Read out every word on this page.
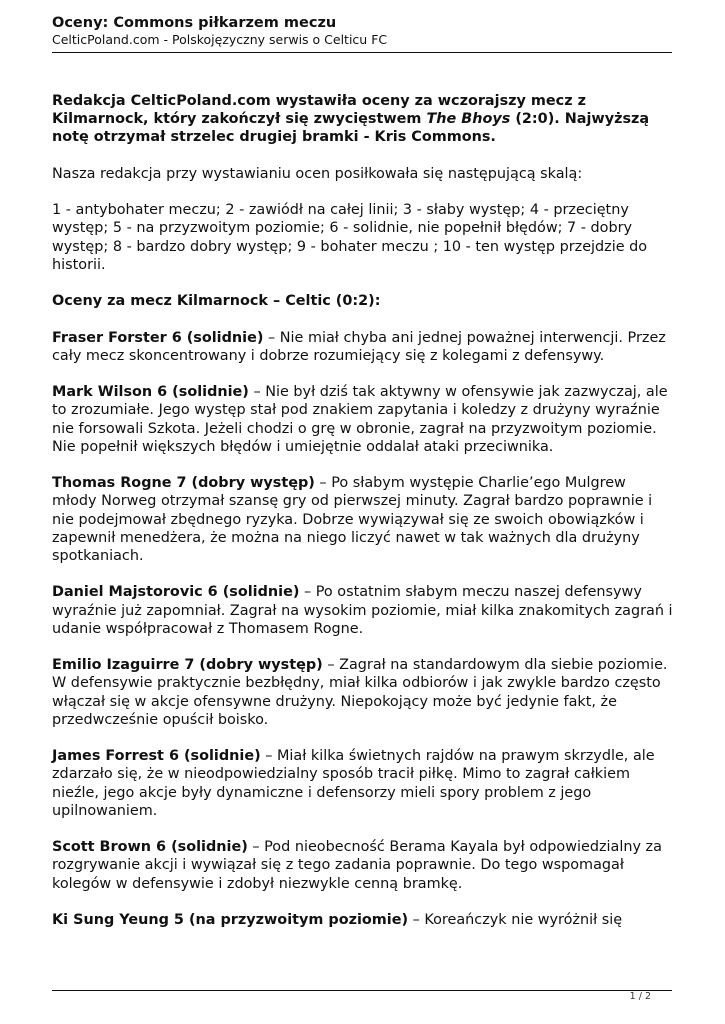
Oceny: Commons piłkarzem meczu
CelticPoland.com - Polskojęzyczny serwis o Celticu FC

Redakcja CelticPoland.com wystawiła oceny za wczorajszy mecz z Kilmarnock, który zakończył się zwycięstwem The Bhoys (2:0). Najwyższą notę otrzymał strzelec drugiej bramki - Kris Commons.

Nasza redakcja przy wystawianiu ocen posiłkowała się następującą skalą:

1 - antybohater meczu; 2 - zawiódł na całej linii; 3 - słaby występ; 4 - przeciętny występ; 5 - na przyzwoitym poziomie; 6 - solidnie, nie popełnił błędów; 7 - dobry występ; 8 - bardzo dobry występ; 9 - bohater meczu ; 10 - ten występ przejdzie do historii.

Oceny za mecz Kilmarnock – Celtic (0:2):

Fraser Forster 6 (solidnie) – Nie miał chyba ani jednej poważnej interwencji. Przez cały mecz skoncentrowany i dobrze rozumiejący się z kolegami z defensywy.

Mark Wilson 6 (solidnie) – Nie był dziś tak aktywny w ofensywie jak zazwyczaj, ale to zrozumiałe. Jego występ stał pod znakiem zapytania i koledzy z drużyny wyraźnie nie forsowali Szkota. Jeżeli chodzi o grę w obronie, zagrał na przyzwoitym poziomie. Nie popełnił większych błędów i umiejętnie oddalał ataki przeciwnika.

Thomas Rogne 7 (dobry występ) – Po słabym występie Charlie’ego Mulgrew młody Norweg otrzymał szansę gry od pierwszej minuty. Zagrał bardzo poprawnie i nie podejmował zbędnego ryzyka. Dobrze wywiązywał się ze swoich obowiązków i zapewnił menedżera, że można na niego liczyć nawet w tak ważnych dla drużyny spotkaniach.

Daniel Majstorovic 6 (solidnie) – Po ostatnim słabym meczu naszej defensywy wyraźnie już zapomniał. Zagrał na wysokim poziomie, miał kilka znakomitych zagrań i udanie współpracował z Thomasem Rogne.

Emilio Izaguirre 7 (dobry występ) – Zagrał na standardowym dla siebie poziomie. W defensywie praktycznie bezbłędny, miał kilka odbiorów i jak zwykle bardzo często włączał się w akcje ofensywne drużyny. Niepokojący może być jedynie fakt, że przedwcześnie opuścił boisko.

James Forrest 6 (solidnie) – Miał kilka świetnych rajdów na prawym skrzydle, ale zdarzało się, że w nieodpowiedzialny sposób tracił piłkę. Mimo to zagrał całkiem nieźle, jego akcje były dynamiczne i defensorzy mieli spory problem z jego upilnowaniem.

Scott Brown 6 (solidnie) – Pod nieobecność Berama Kayala był odpowiedzialny za rozgrywanie akcji i wywiązał się z tego zadania poprawnie. Do tego wspomagał kolegów w defensywie i zdobył niezwykle cenną bramkę.

Ki Sung Yeung 5 (na przyzwoitym poziomie) – Koreańczyk nie wyróżnił się

1 / 2
